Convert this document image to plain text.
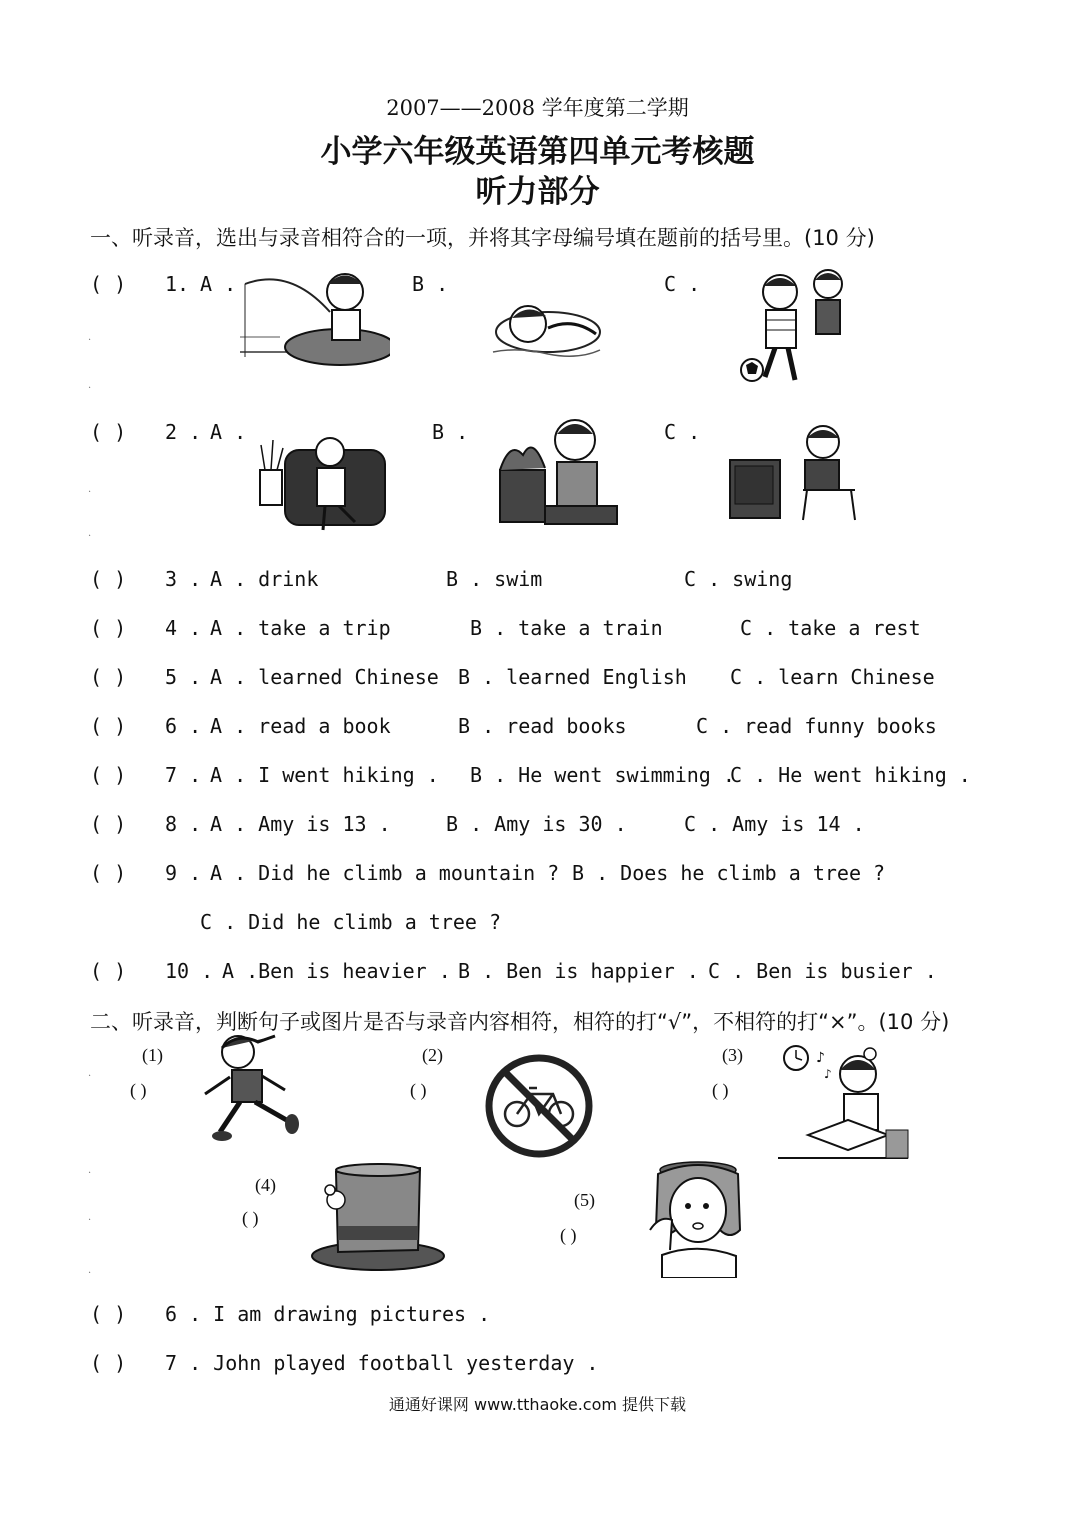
2007——2008 学年度第二学期
小学六年级英语第四单元考核题
听力部分
一、听录音，选出与录音相符合的一项，并将其字母编号填在题前的括号里。(10 分)
( ) 1. A .	B .	C .
.
.
( ) 2 . A .	B .	C .
.
.
( ) 3 . A . drink	B . swim	C . swing
( ) 4 . A . take a trip	B . take a train	C . take a rest
( ) 5 . A . learned Chinese B . learned English C . learn Chinese
( ) 6 . A . read a book	B . read books	C . read funny books
( ) 7 . A . I went hiking . B . He went swimming .
C . He went hiking .
( ) 8 . A . Amy is 13 .	B . Amy is 30 .	C . Amy is 14 .
( ) 9 . A . Did he climb a mountain ? B . Does he climb a tree ?
C . Did he climb a tree ?
( ) 10 . A .Ben is heavier . B . Ben is happier . C . Ben is busier .
二、听录音，判断句子或图片是否与录音内容相符，相符的打“√”，不相符的打“×”。(10 分)
(1)
( )
(2)
( )
(3)
( )
♪
♪
.
.
(4)
( )
(5)
( )
.
.
( ) 6 . I am drawing pictures .
( ) 7 . John played football yesterday .
通通好课网 www.tthaoke.com 提供下载
